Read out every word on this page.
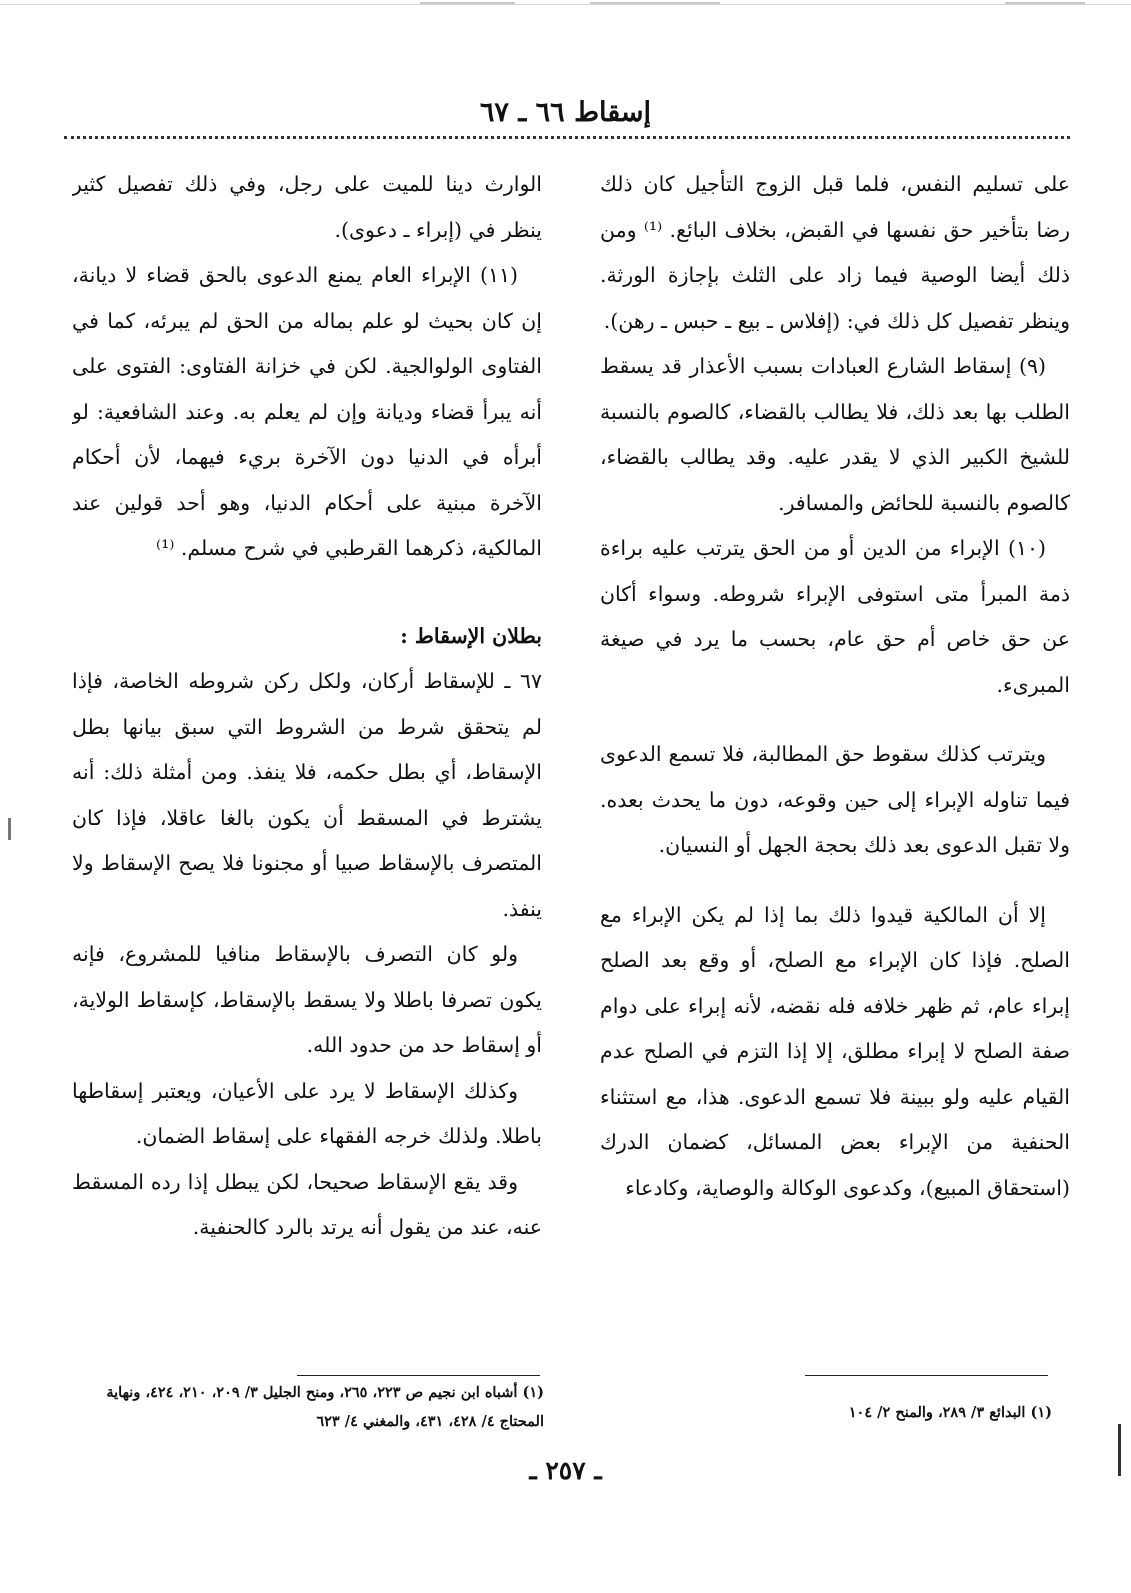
إسقاط ٦٦ ـ ٦٧

على تسليم النفس، فلما قبل الزوج التأجيل كان ذلك رضا بتأخير حق نفسها في القبض، بخلاف البائع. ⁽¹⁾ ومن ذلك أيضا الوصية فيما زاد على الثلث بإجازة الورثة. وينظر تفصيل كل ذلك في: (إفلاس ـ بيع ـ حبس ـ رهن).

(٩) إسقاط الشارع العبادات بسبب الأعذار قد يسقط الطلب بها بعد ذلك، فلا يطالب بالقضاء، كالصوم بالنسبة للشيخ الكبير الذي لا يقدر عليه. وقد يطالب بالقضاء، كالصوم بالنسبة للحائض والمسافر.

(١٠) الإبراء من الدين أو من الحق يترتب عليه براءة ذمة المبرأ متى استوفى الإبراء شروطه. وسواء أكان عن حق خاص أم حق عام، بحسب ما يرد في صيغة المبرىء.

ويترتب كذلك سقوط حق المطالبة، فلا تسمع الدعوى فيما تناوله الإبراء إلى حين وقوعه، دون ما يحدث بعده. ولا تقبل الدعوى بعد ذلك بحجة الجهل أو النسيان.

إلا أن المالكية قيدوا ذلك بما إذا لم يكن الإبراء مع الصلح. فإذا كان الإبراء مع الصلح، أو وقع بعد الصلح إبراء عام، ثم ظهر خلافه فله نقضه، لأنه إبراء على دوام صفة الصلح لا إبراء مطلق، إلا إذا التزم في الصلح عدم القيام عليه ولو ببينة فلا تسمع الدعوى. هذا، مع استثناء الحنفية من الإبراء بعض المسائل، كضمان الدرك (استحقاق المبيع)، وكدعوى الوكالة والوصاية، وكادعاء

الوارث دينا للميت على رجل، وفي ذلك تفصيل كثير ينظر في (إبراء ـ دعوى).

(١١) الإبراء العام يمنع الدعوى بالحق قضاء لا ديانة، إن كان بحيث لو علم بماله من الحق لم يبرئه، كما في الفتاوى الولوالجية. لكن في خزانة الفتاوى: الفتوى على أنه يبرأ قضاء وديانة وإن لم يعلم به. وعند الشافعية: لو أبرأه في الدنيا دون الآخرة بريء فيهما، لأن أحكام الآخرة مبنية على أحكام الدنيا، وهو أحد قولين عند المالكية، ذكرهما القرطبي في شرح مسلم. ⁽¹⁾

بطلان الإسقاط :

٦٧ ـ للإسقاط أركان، ولكل ركن شروطه الخاصة، فإذا لم يتحقق شرط من الشروط التي سبق بيانها بطل الإسقاط، أي بطل حكمه، فلا ينفذ. ومن أمثلة ذلك: أنه يشترط في المسقط أن يكون بالغا عاقلا، فإذا كان المتصرف بالإسقاط صبيا أو مجنونا فلا يصح الإسقاط ولا ينفذ.

ولو كان التصرف بالإسقاط منافيا للمشروع، فإنه يكون تصرفا باطلا ولا يسقط بالإسقاط، كإسقاط الولاية، أو إسقاط حد من حدود الله.

وكذلك الإسقاط لا يرد على الأعيان، ويعتبر إسقاطها باطلا. ولذلك خرجه الفقهاء على إسقاط الضمان.

وقد يقع الإسقاط صحيحا، لكن يبطل إذا رده المسقط عنه، عند من يقول أنه يرتد بالرد كالحنفية.

(١) البدائع ٣/ ٢٨٩، والمنح ٢/ ١٠٤
(١) أشباه ابن نجيم ص ٢٢٣، ٢٦٥، ومنح الجليل ٣/ ٢٠٩، ٢١٠، ٤٢٤، ونهاية المحتاج ٤/ ٤٢٨، ٤٣١، والمغني ٤/ ٦٢٣
ـ ٢٥٧ ـ
